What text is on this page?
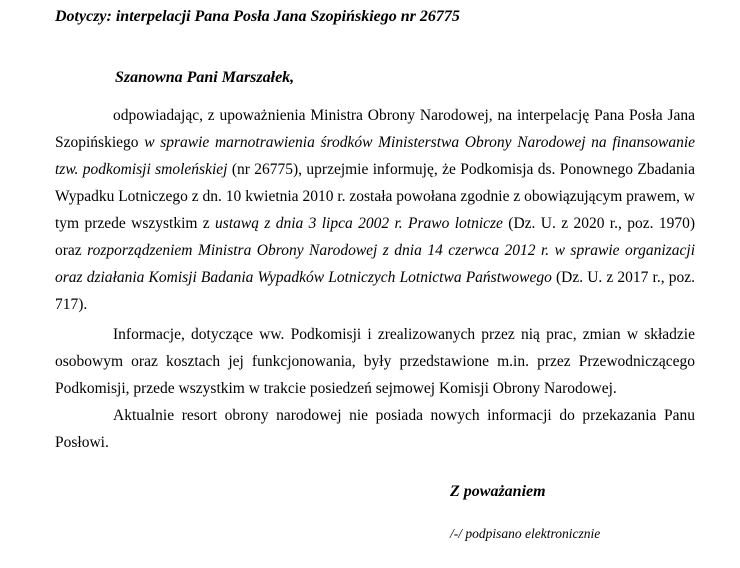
Dotyczy: interpelacji Pana Posła Jana Szopińskiego nr 26775

Szanowna Pani Marszałek,

odpowiadając, z upoważnienia Ministra Obrony Narodowej, na interpelację Pana Posła Jana Szopińskiego w sprawie marnotrawienia środków Ministerstwa Obrony Narodowej na finansowanie tzw. podkomisji smoleńskiej (nr 26775), uprzejmie informuję, że Podkomisja ds. Ponownego Zbadania Wypadku Lotniczego z dn. 10 kwietnia 2010 r. została powołana zgodnie z obowiązującym prawem, w tym przede wszystkim z ustawą z dnia 3 lipca 2002 r. Prawo lotnicze (Dz. U. z 2020 r., poz. 1970) oraz rozporządzeniem Ministra Obrony Narodowej z dnia 14 czerwca 2012 r. w sprawie organizacji oraz działania Komisji Badania Wypadków Lotniczych Lotnictwa Państwowego (Dz. U. z 2017 r., poz. 717).

Informacje, dotyczące ww. Podkomisji i zrealizowanych przez nią prac, zmian w składzie osobowym oraz kosztach jej funkcjonowania, były przedstawione m.in. przez Przewodniczącego Podkomisji, przede wszystkim w trakcie posiedzeń sejmowej Komisji Obrony Narodowej.

Aktualnie resort obrony narodowej nie posiada nowych informacji do przekazania Panu Posłowi.

Z poważaniem

/-/ podpisano elektronicznie
